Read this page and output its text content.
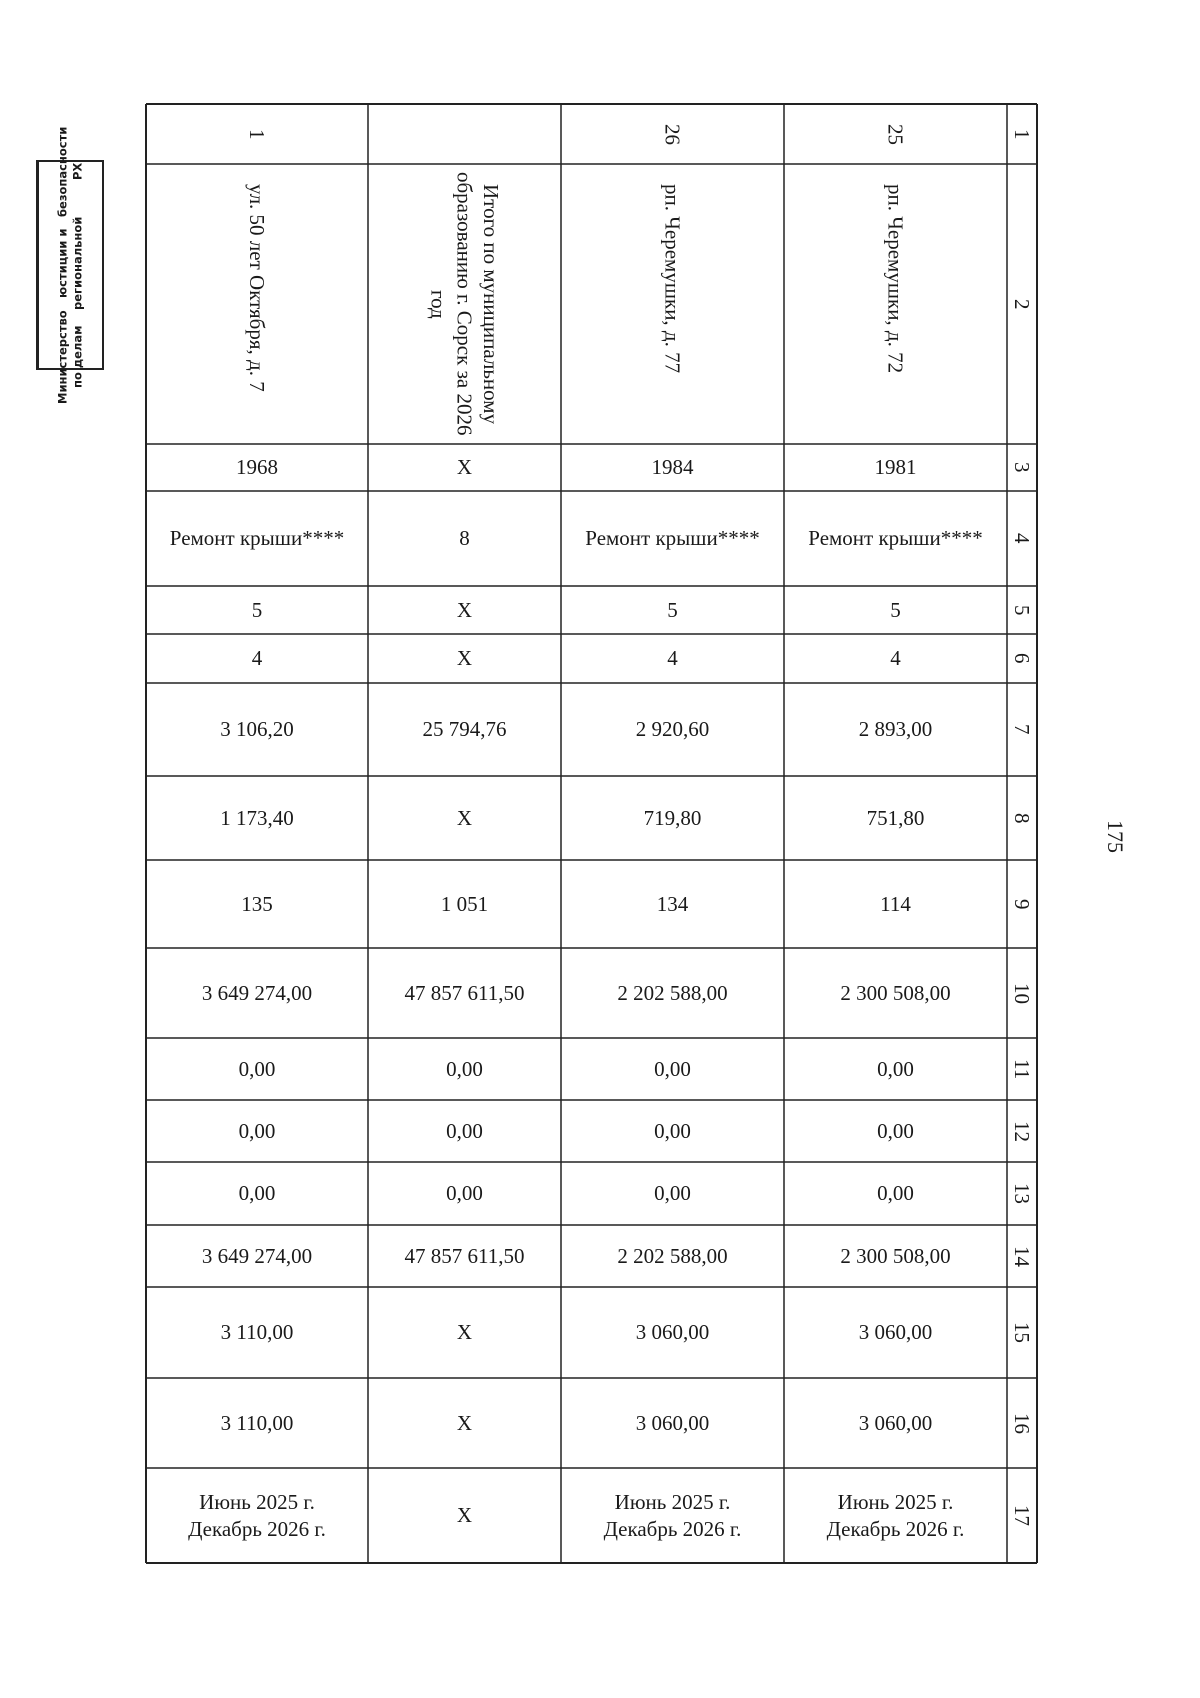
Министерство по делам
юстиции и региональной
безопасности РХ
175
1
ул. 50 лет Октября, д. 7
1968
Ремонт крыши****
5
4
3 106,20
1 173,40
135
3 649 274,00
0,00
0,00
0,00
3 649 274,00
3 110,00
3 110,00
Июнь 2025 г.
Декабрь 2026 г.
Итого по муниципальному образованию г. Сорск за 2026 год
X
8
X
X
25 794,76
X
1 051
47 857 611,50
0,00
0,00
0,00
47 857 611,50
X
X
X
26
рп. Черемушки, д. 77
1984
Ремонт крыши****
5
4
2 920,60
719,80
134
2 202 588,00
0,00
0,00
0,00
2 202 588,00
3 060,00
3 060,00
Июнь 2025 г.
Декабрь 2026 г.
25
рп. Черемушки, д. 72
1981
Ремонт крыши****
5
4
2 893,00
751,80
114
2 300 508,00
0,00
0,00
0,00
2 300 508,00
3 060,00
3 060,00
Июнь 2025 г.
Декабрь 2026 г.
1
2
3
4
5
6
7
8
9
10
11
12
13
14
15
16
17
